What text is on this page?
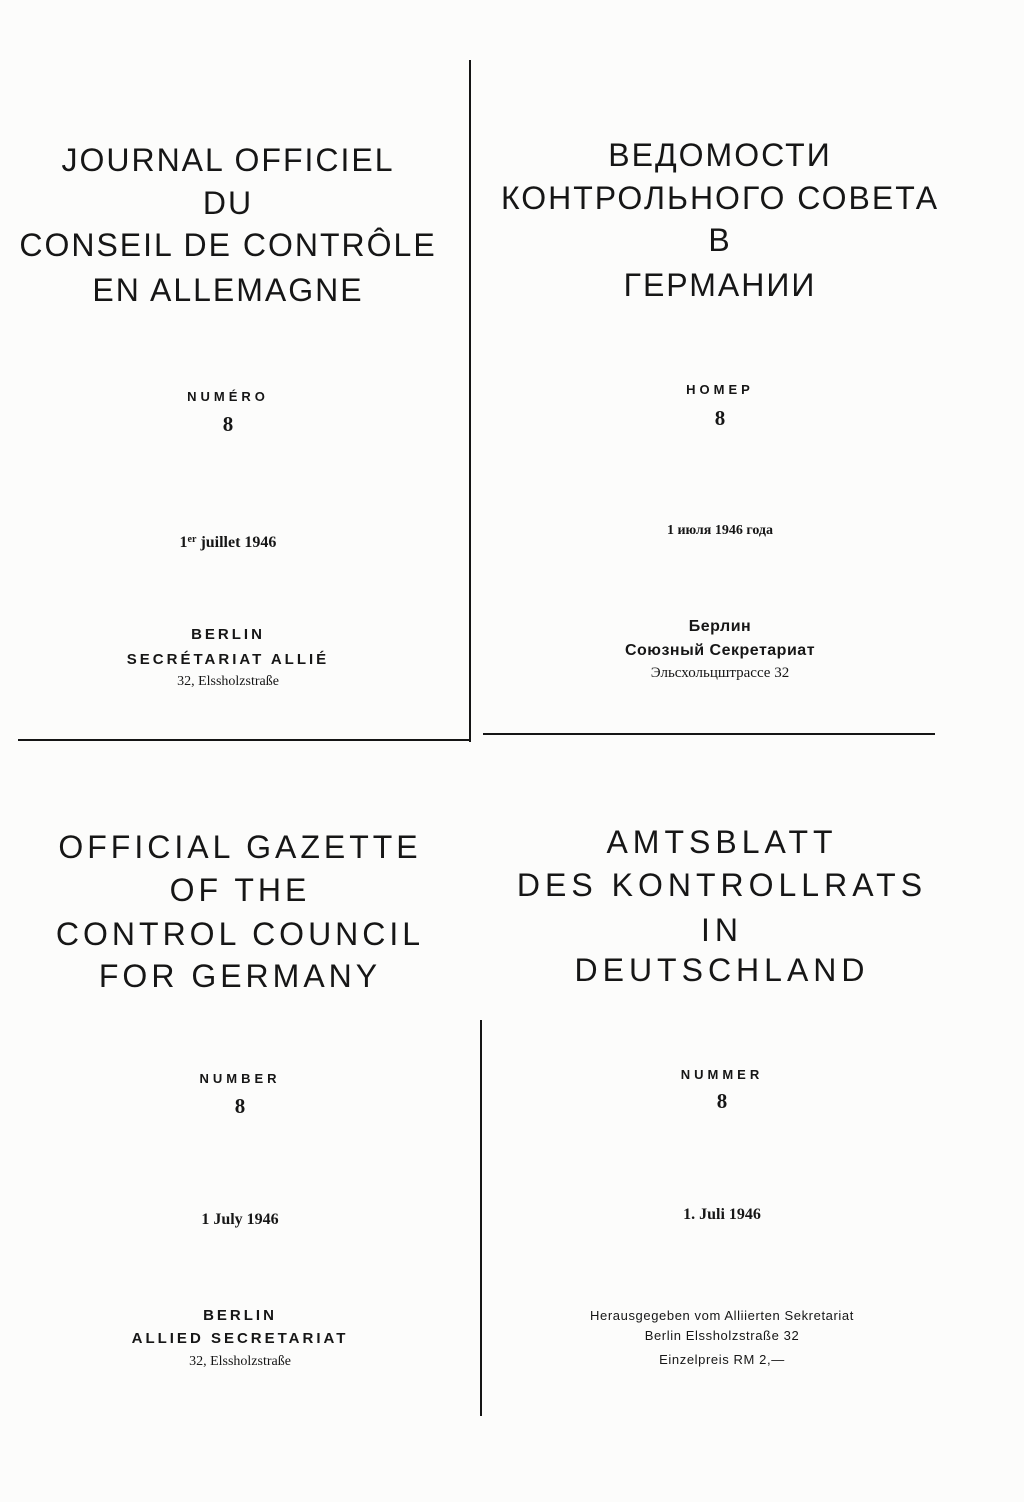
JOURNAL OFFICIEL
DU
CONSEIL DE CONTRÔLE
EN ALLEMAGNE
NUMÉRO
8
1er juillet 1946
BERLIN
SECRÉTARIAT ALLIÉ
32, Elssholzstraße
ВЕДОМОСТИ
КОНТРОЛЬНОГО СОВЕТА
В
ГЕРМАНИИ
НОМЕР
8
1 июля 1946 года
Берлин
Союзный Секретариат
Эльсхольцштрассе 32
OFFICIAL GAZETTE
OF THE
CONTROL COUNCIL
FOR GERMANY
NUMBER
8
1 July 1946
BERLIN
ALLIED SECRETARIAT
32, Elssholzstraße
AMTSBLATT
DES KONTROLLRATS
IN
DEUTSCHLAND
NUMMER
8
1. Juli 1946
Herausgegeben vom Alliierten Sekretariat
Berlin Elssholzstraße 32
Einzelpreis RM 2,—
